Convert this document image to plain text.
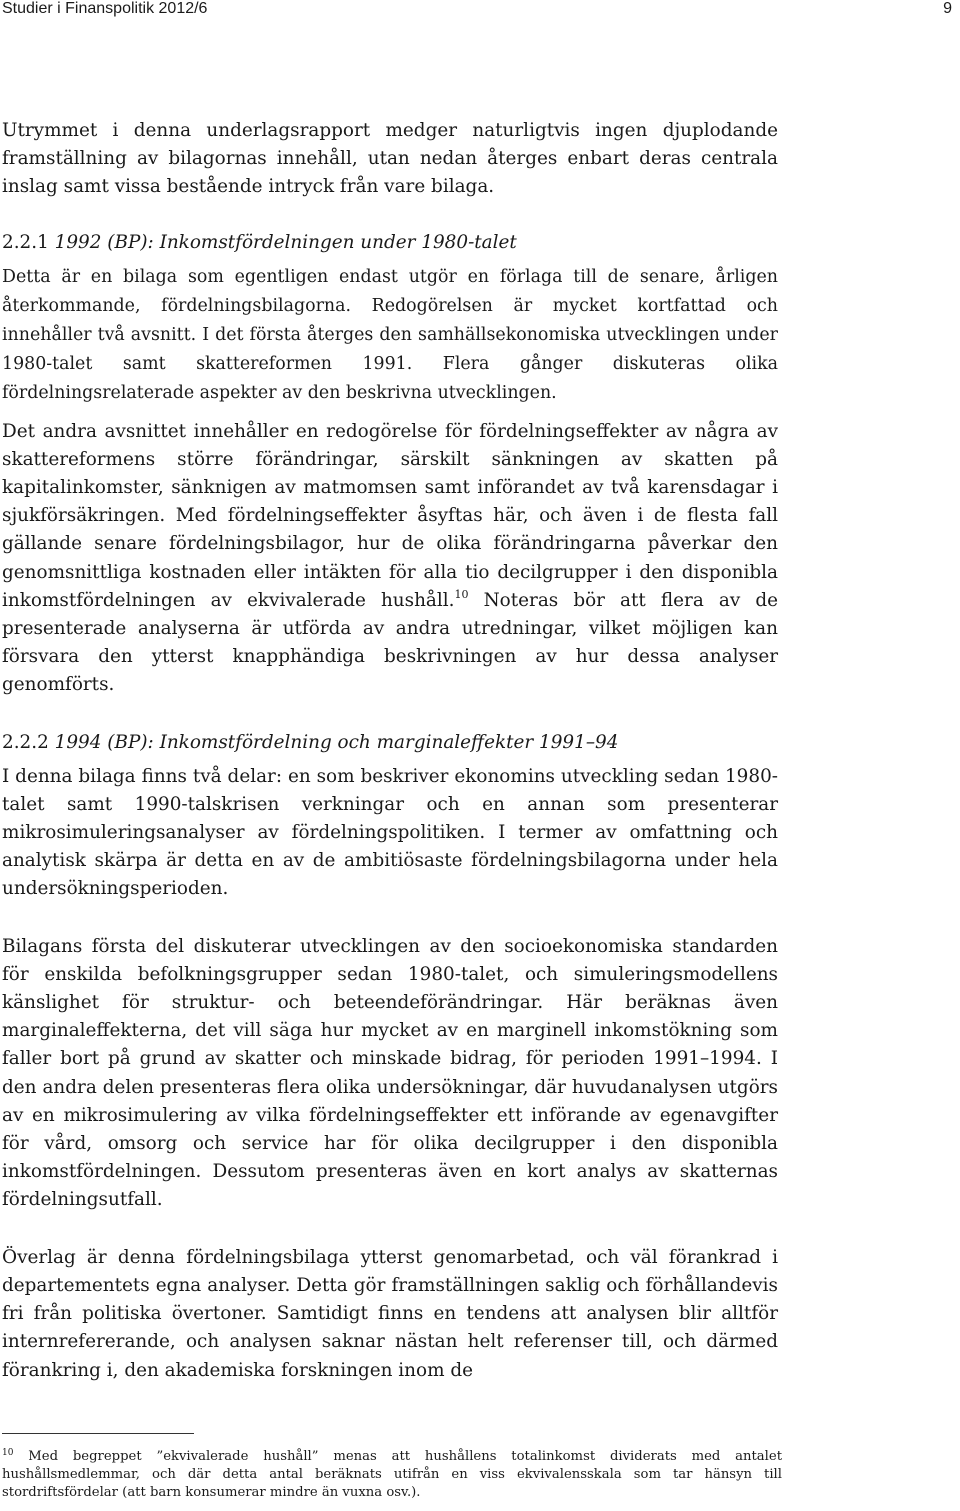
Studier i Finanspolitik 2012/6	9

Utrymmet i denna underlagsrapport medger naturligtvis ingen djuplodande framställning av bilagornas innehåll, utan nedan återges enbart deras centrala inslag samt vissa bestående intryck från vare bilaga.

2.2.1 1992 (BP): Inkomstfördelningen under 1980-talet

Detta är en bilaga som egentligen endast utgör en förlaga till de senare, årligen återkommande, fördelningsbilagorna. Redogörelsen är mycket kortfattad och innehåller två avsnitt. I det första återges den samhällsekonomiska utvecklingen under 1980-talet samt skattereformen 1991. Flera gånger diskuteras olika fördelningsrelaterade aspekter av den beskrivna utvecklingen.

Det andra avsnittet innehåller en redogörelse för fördelningseffekter av några av skattereformens större förändringar, särskilt sänkningen av skatten på kapitalinkomster, sänknigen av matmomsen samt införandet av två karensdagar i sjukförsäkringen. Med fördelningseffekter åsyftas här, och även i de flesta fall gällande senare fördelningsbilagor, hur de olika förändringarna påverkar den genomsnittliga kostnaden eller intäkten för alla tio decilgrupper i den disponibla inkomstfördelningen av ekvivalerade hushåll.$^{10}$ Noteras bör att flera av de presenterade analyserna är utförda av andra utredningar, vilket möjligen kan försvara den ytterst knapphändiga beskrivningen av hur dessa analyser genomförts.

2.2.2 1994 (BP): Inkomstfördelning och marginaleffekter 1991–94

I denna bilaga finns två delar: en som beskriver ekonomins utveckling sedan 1980-talet samt 1990-talskrisen verkningar och en annan som presenterar mikrosimuleringsanalyser av fördelningspolitiken. I termer av omfattning och analytisk skärpa är detta en av de ambitiösaste fördelningsbilagorna under hela undersökningsperioden.

Bilagans första del diskuterar utvecklingen av den socioekonomiska standarden för enskilda befolkningsgrupper sedan 1980-talet, och simuleringsmodellens känslighet för struktur- och beteendeförändringar. Här beräknas även marginaleffekterna, det vill säga hur mycket av en marginell inkomstökning som faller bort på grund av skatter och minskade bidrag, för perioden 1991–1994. I den andra delen presenteras flera olika undersökningar, där huvudanalysen utgörs av en mikrosimulering av vilka fördelningseffekter ett införande av egenavgifter för vård, omsorg och service har för olika decilgrupper i den disponibla inkomstfördelningen. Dessutom presenteras även en kort analys av skatternas fördelningsutfall.

Överlag är denna fördelningsbilaga ytterst genomarbetad, och väl förankrad i departementets egna analyser. Detta gör framställningen saklig och förhållandevis fri från politiska övertoner. Samtidigt finns en tendens att analysen blir alltför internrefererande, och analysen saknar nästan helt referenser till, och därmed förankring i, den akademiska forskningen inom de

$^{10}$ Med begreppet ”ekvivalerade hushåll” menas att hushållens totalinkomst dividerats med antalet hushållsmedlemmar, och där detta antal beräknats utifrån en viss ekvivalensskala som tar hänsyn till stordriftsfördelar (att barn konsumerar mindre än vuxna osv.).
